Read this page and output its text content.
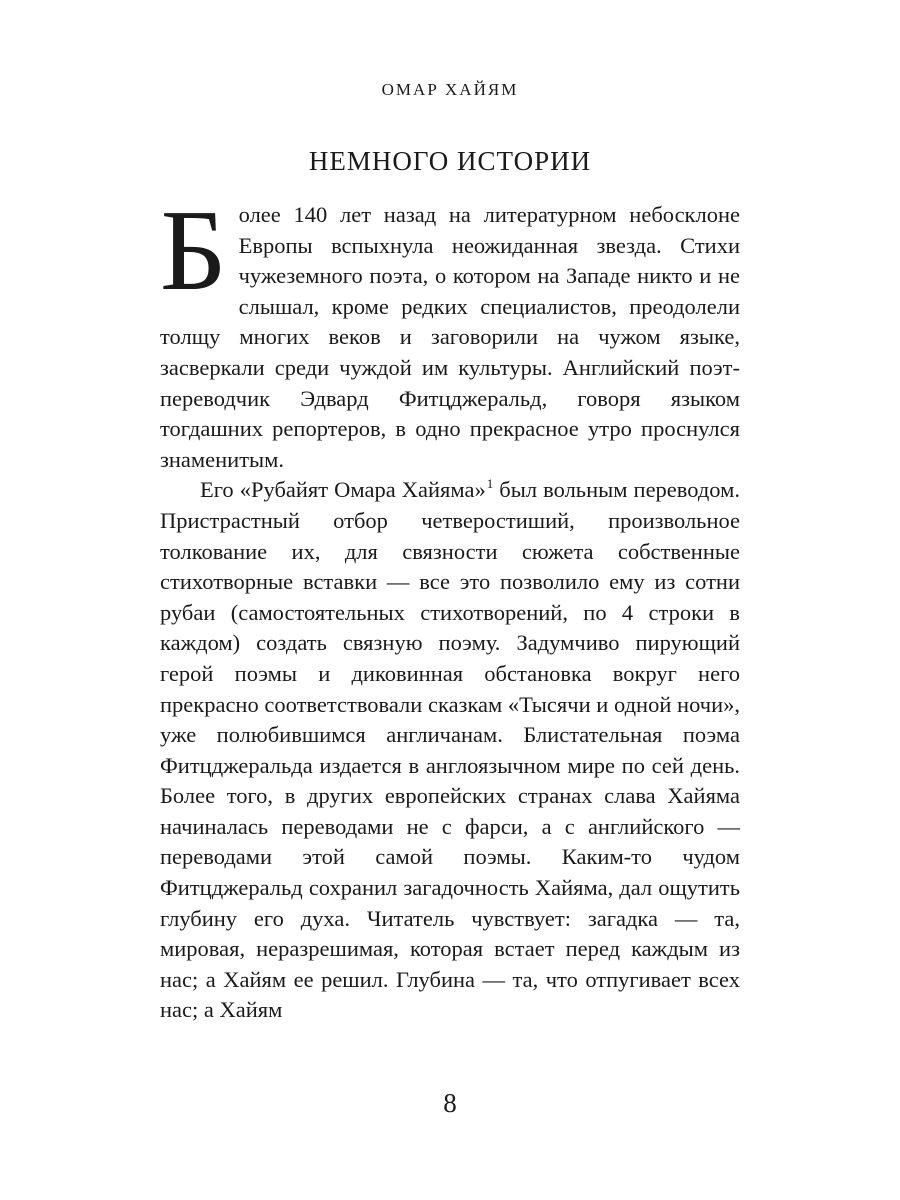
ОМАР ХАЙЯМ
НЕМНОГО ИСТОРИИ

Более 140 лет назад на литературном небосклоне Европы вспыхнула неожиданная звезда. Стихи чужеземного поэта, о котором на Западе никто и не слышал, кроме редких специалистов, преодолели толщу многих веков и заговорили на чужом языке, засверкали среди чуждой им культуры. Английский поэт-переводчик Эдвард Фитцджеральд, говоря языком тогдашних репортеров, в одно прекрасное утро проснулся знаменитым.

Его «Рубайят Омара Хайяма»$^1$ был вольным переводом. Пристрастный отбор четверостиший, произвольное толкование их, для связности сюжета собственные стихотворные вставки — все это позволило ему из сотни рубаи (самостоятельных стихотворений, по 4 строки в каждом) создать связную поэму. Задумчиво пирующий герой поэмы и диковинная обстановка вокруг него прекрасно соответствовали сказкам «Тысячи и одной ночи», уже полюбившимся англичанам. Блистательная поэма Фитцджеральда издается в англоязычном мире по сей день. Более того, в других европейских странах слава Хайяма начиналась переводами не с фарси, а с английского — переводами этой самой поэмы. Каким-то чудом Фитцджеральд сохранил загадочность Хайяма, дал ощутить глубину его духа. Читатель чувствует: загадка — та, мировая, неразрешимая, которая встает перед каждым из нас; а Хайям ее решил. Глубина — та, что отпугивает всех нас; а Хайям

8
